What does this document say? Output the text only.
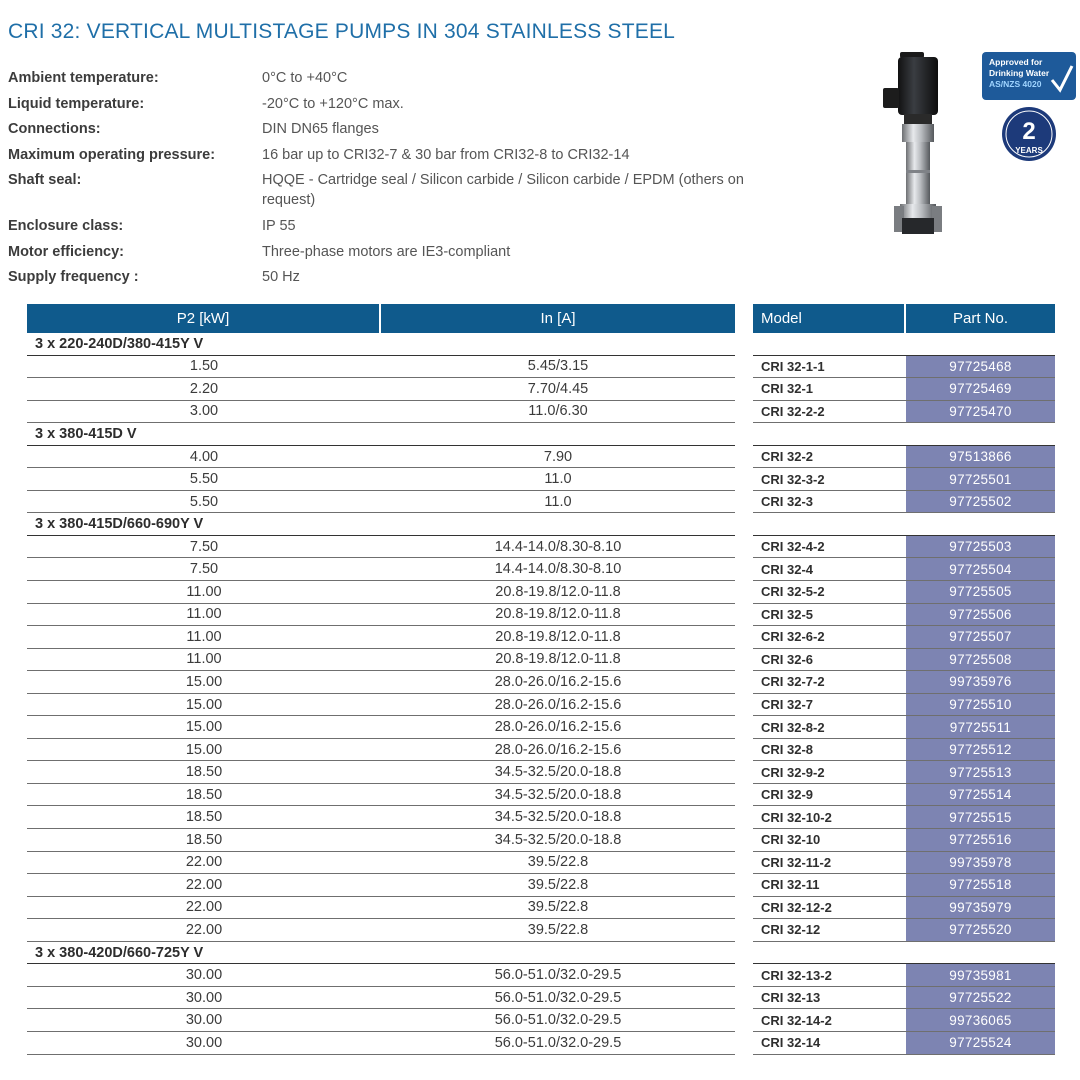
CRI 32: VERTICAL MULTISTAGE PUMPS IN 304 STAINLESS STEEL
Ambient temperature:	0°C to +40°C
Liquid temperature:	-20°C to +120°C max.
Connections:	DIN DN65 flanges
Maximum operating pressure:	16 bar up to CRI32-7 & 30 bar from CRI32-8 to CRI32-14
Shaft seal:	HQQE - Cartridge seal / Silicon carbide / Silicon carbide / EPDM (others on request)
Enclosure class:	IP 55
Motor efficiency:	Three-phase motors are IE3-compliant
Supply frequency :	50 Hz
Approved for
Drinking Water
AS/NZS 4020
2
YEARS
P2 [kW]	In [A]
3 x 220-240D/380-415Y V
1.50	5.45/3.15
2.20	7.70/4.45
3.00	11.0/6.30
3 x 380-415D V
4.00	7.90
5.50	11.0
5.50	11.0
3 x 380-415D/660-690Y V
7.50	14.4-14.0/8.30-8.10
7.50	14.4-14.0/8.30-8.10
11.00	20.8-19.8/12.0-11.8
11.00	20.8-19.8/12.0-11.8
11.00	20.8-19.8/12.0-11.8
11.00	20.8-19.8/12.0-11.8
15.00	28.0-26.0/16.2-15.6
15.00	28.0-26.0/16.2-15.6
15.00	28.0-26.0/16.2-15.6
15.00	28.0-26.0/16.2-15.6
18.50	34.5-32.5/20.0-18.8
18.50	34.5-32.5/20.0-18.8
18.50	34.5-32.5/20.0-18.8
18.50	34.5-32.5/20.0-18.8
22.00	39.5/22.8
22.00	39.5/22.8
22.00	39.5/22.8
22.00	39.5/22.8
3 x 380-420D/660-725Y V
30.00	56.0-51.0/32.0-29.5
30.00	56.0-51.0/32.0-29.5
30.00	56.0-51.0/32.0-29.5
30.00	56.0-51.0/32.0-29.5
Model	Part No.
CRI 32-1-1	97725468
CRI 32-1	97725469
CRI 32-2-2	97725470
CRI 32-2	97513866
CRI 32-3-2	97725501
CRI 32-3	97725502
CRI 32-4-2	97725503
CRI 32-4	97725504
CRI 32-5-2	97725505
CRI 32-5	97725506
CRI 32-6-2	97725507
CRI 32-6	97725508
CRI 32-7-2	99735976
CRI 32-7	97725510
CRI 32-8-2	97725511
CRI 32-8	97725512
CRI 32-9-2	97725513
CRI 32-9	97725514
CRI 32-10-2	97725515
CRI 32-10	97725516
CRI 32-11-2	99735978
CRI 32-11	97725518
CRI 32-12-2	99735979
CRI 32-12	97725520
CRI 32-13-2	99735981
CRI 32-13	97725522
CRI 32-14-2	99736065
CRI 32-14	97725524
